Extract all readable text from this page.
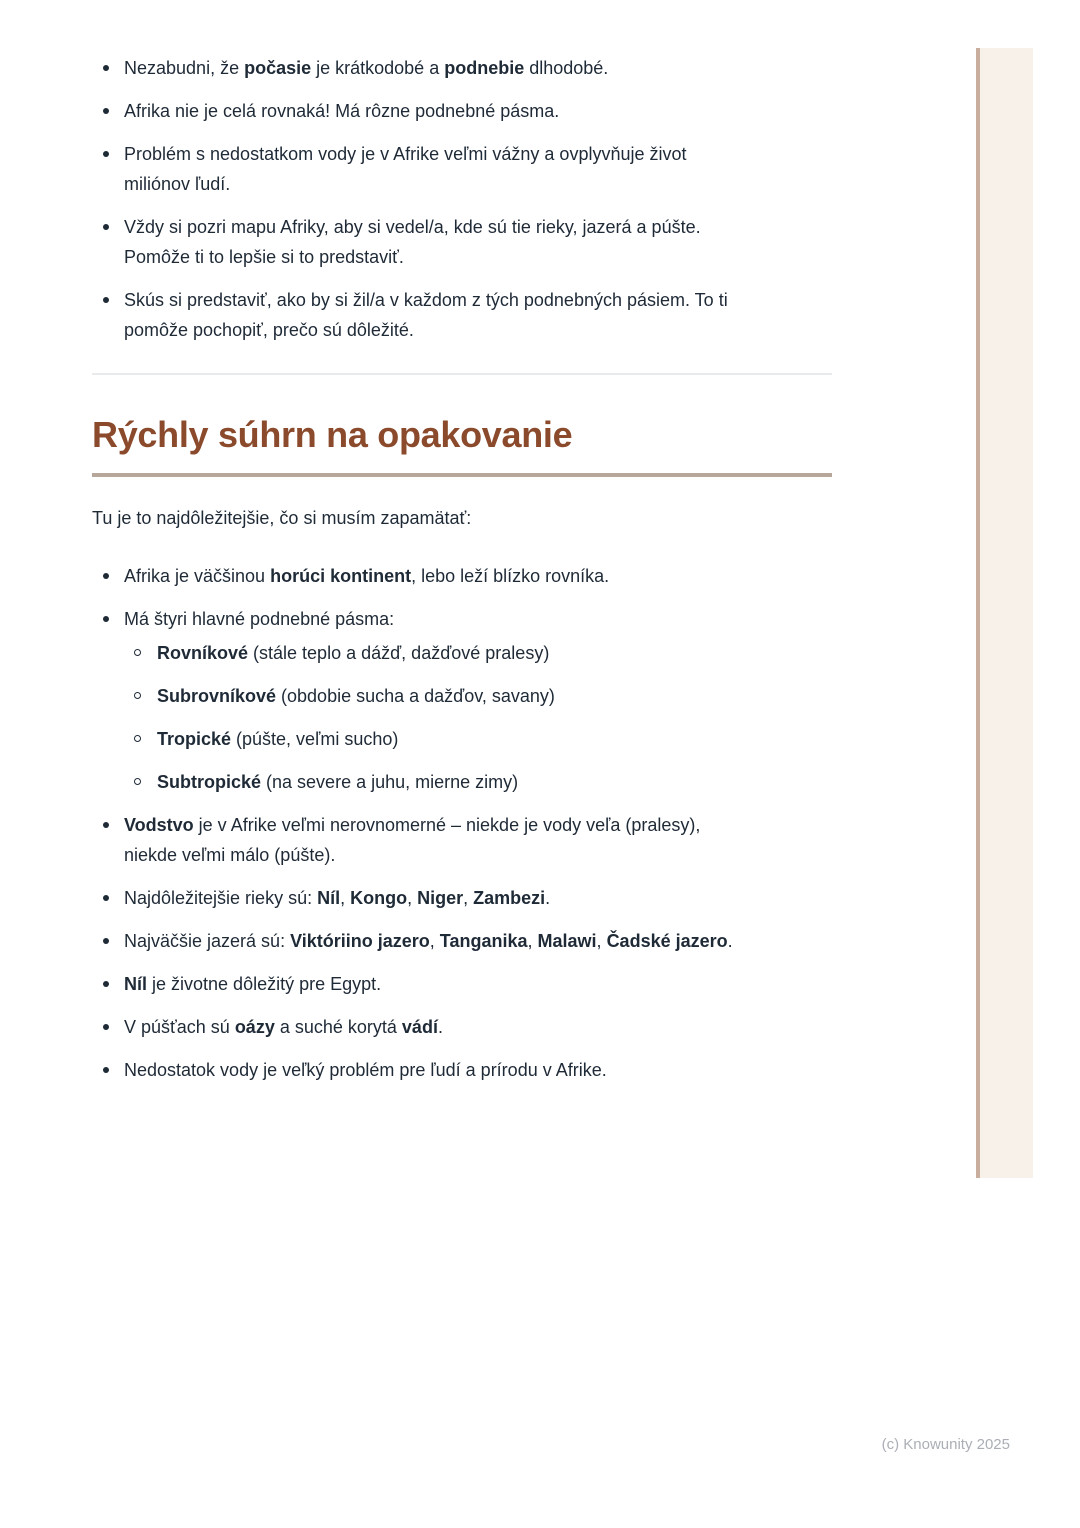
Nezabudni, že počasie je krátkodobé a podnebie dlhodobé.
Afrika nie je celá rovnaká! Má rôzne podnebné pásma.
Problém s nedostatkom vody je v Afrike veľmi vážny a ovplyvňuje život
miliónov ľudí.
Vždy si pozri mapu Afriky, aby si vedel/a, kde sú tie rieky, jazerá a púšte.
Pomôže ti to lepšie si to predstaviť.
Skús si predstaviť, ako by si žil/a v každom z tých podnebných pásiem. To ti
pomôže pochopiť, prečo sú dôležité.
Rýchly súhrn na opakovanie

Tu je to najdôležitejšie, čo si musím zapamätať:

Afrika je väčšinou horúci kontinent, lebo leží blízko rovníka.
Má štyri hlavné podnebné pásma:
Rovníkové (stále teplo a dážď, dažďové pralesy)
Subrovníkové (obdobie sucha a dažďov, savany)
Tropické (púšte, veľmi sucho)
Subtropické (na severe a juhu, mierne zimy)
Vodstvo je v Afrike veľmi nerovnomerné – niekde je vody veľa (pralesy),
niekde veľmi málo (púšte).
Najdôležitejšie rieky sú: Níl, Kongo, Niger, Zambezi.
Najväčšie jazerá sú: Viktóriino jazero, Tanganika, Malawi, Čadské jazero.
Níl je životne dôležitý pre Egypt.
V púšťach sú oázy a suché korytá vádí.
Nedostatok vody je veľký problém pre ľudí a prírodu v Afrike.
(c) Knowunity 2025
